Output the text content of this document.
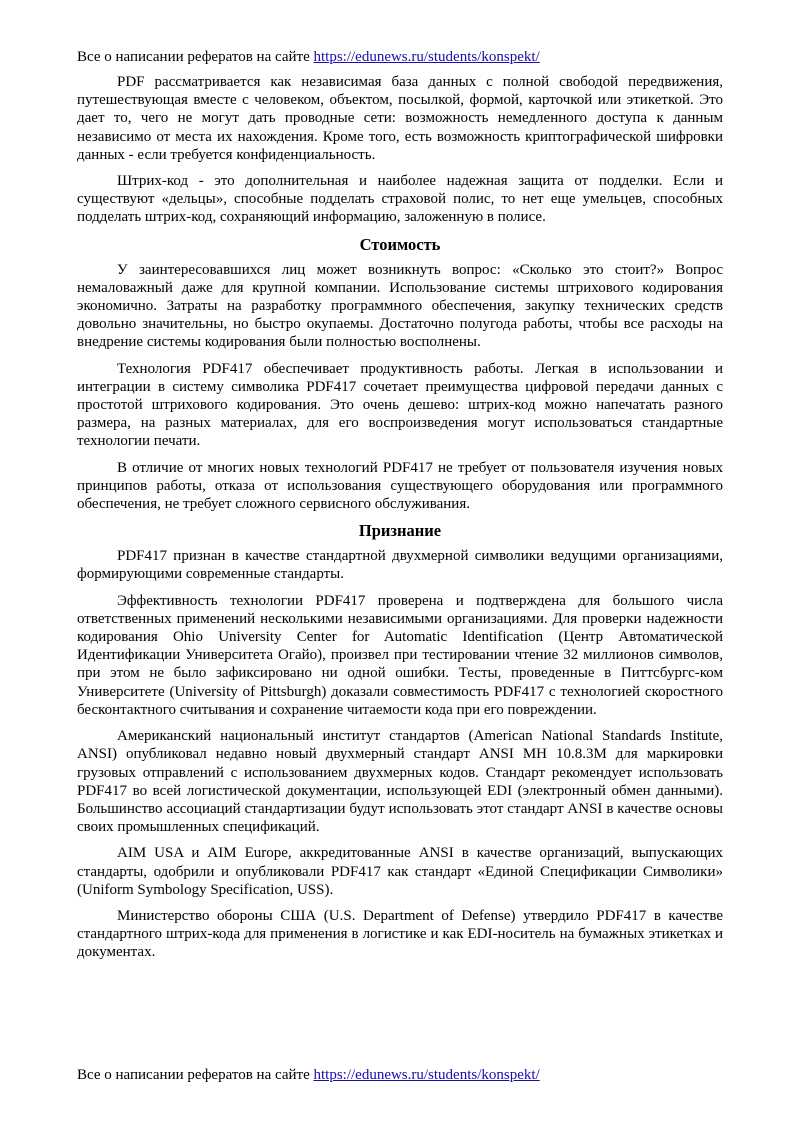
Все о написании рефератов на сайте https://edunews.ru/students/konspekt/

PDF рассматривается как независимая база данных с полной свободой передвижения, путешествующая вместе с человеком, объектом, посылкой, формой, карточкой или этикеткой. Это дает то, чего не могут дать проводные сети: возможность немедленного доступа к данным независимо от места их нахождения. Кроме того, есть возможность криптографической шифровки данных - если требуется конфиденциальность.

Штрих-код - это дополнительная и наиболее надежная защита от подделки. Если и существуют «дельцы», способные подделать страховой полис, то нет еще умельцев, способных подделать штрих-код, сохраняющий информацию, заложенную в полисе.

Стоимость

У заинтересовавшихся лиц может возникнуть вопрос: «Сколько это стоит?» Вопрос немаловажный даже для крупной компании. Использование системы штрихового кодирования экономично. Затраты на разработку программного обеспечения, закупку технических средств довольно значительны, но быстро окупаемы. Достаточно полугода работы, чтобы все расходы на внедрение системы кодирования были полностью восполнены.

Технология PDF417 обеспечивает продуктивность работы. Легкая в использовании и интеграции в систему символика PDF417 сочетает преимущества цифровой передачи данных с простотой штрихового кодирования. Это очень дешево: штрих-код можно напечатать разного размера, на разных материалах, для его воспроизведения могут использоваться стандартные технологии печати.

В отличие от многих новых технологий PDF417 не требует от пользователя изучения новых принципов работы, отказа от использования существующего оборудования или программного обеспечения, не требует сложного сервисного обслуживания.

Признание

PDF417 признан в качестве стандартной двухмерной символики ведущими организациями, формирующими современные стандарты.

Эффективность технологии PDF417 проверена и подтверждена для большого числа ответственных применений несколькими независимыми организациями. Для проверки надежности кодирования Ohio University Center for Automatic Identification (Центр Автоматической Идентификации Университета Огайо), произвел при тестировании чтение 32 миллионов символов, при этом не было зафиксировано ни одной ошибки. Тесты, проведенные в Питтсбургс-ком Университете (University of Pittsburgh) доказали совместимость PDF417 с технологией скоростного бесконтактного считывания и сохранение читаемости кода при его повреждении.

Американский национальный институт стандартов (American National Standards Institute, ANSI) опубликовал недавно новый двухмерный стандарт ANSI MH 10.8.3M для маркировки грузовых отправлений с использованием двухмерных кодов. Стандарт рекомендует использовать PDF417 во всей логистической документации, использующей EDI (электронный обмен данными). Большинство ассоциаций стандартизации будут использовать этот стандарт ANSI в качестве основы своих промышленных спецификаций.

AIM USA и AIM Europe, аккредитованные ANSI в качестве организаций, выпускающих стандарты, одобрили и опубликовали PDF417 как стандарт «Единой Спецификации Символики» (Uniform Symbology Specification, USS).

Министерство обороны США (U.S. Department of Defense) утвердило PDF417 в качестве стандартного штрих-кода для применения в логистике и как EDI-носитель на бумажных этикетках и документах.

Все о написании рефератов на сайте https://edunews.ru/students/konspekt/
